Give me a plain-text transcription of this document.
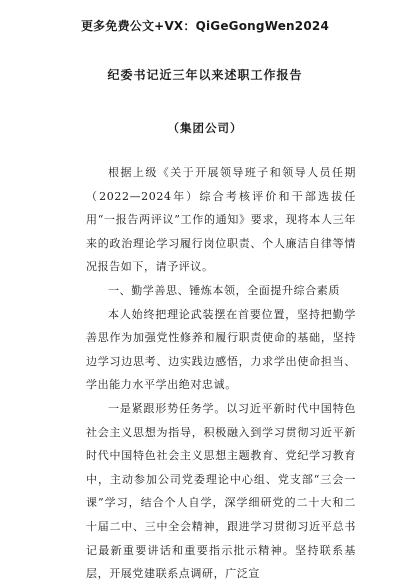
更多免费公文+VX：QiGeGongWen2024
纪委书记近三年以来述职工作报告
（集团公司）

根据上级《关于开展领导班子和领导人员任期（2022—2024年）综合考核评价和干部选拔任用“一报告两评议”工作的通知》要求，现将本人三年来的政治理论学习履行岗位职责、个人廉洁自律等情况报告如下，请予评议。

一、勤学善思、锤炼本领，全面提升综合素质

本人始终把理论武装摆在首要位置，坚持把勤学善思作为加强党性修养和履行职责使命的基础，坚持边学习边思考、边实践边感悟，力求学出使命担当、学出能力水平学出绝对忠诚。

一是紧跟形势任务学。以习近平新时代中国特色社会主义思想为指导，积极融入到学习贯彻习近平新时代中国特色社会主义思想主题教育、党纪学习教育中，主动参加公司党委理论中心组、党支部“三会一课”学习，结合个人自学，深学细研党的二十大和二十届二中、三中全会精神，跟进学习贯彻习近平总书记最新重要讲话和重要指示批示精神。坚持联系基层，开展党建联系点调研，广泛宣
